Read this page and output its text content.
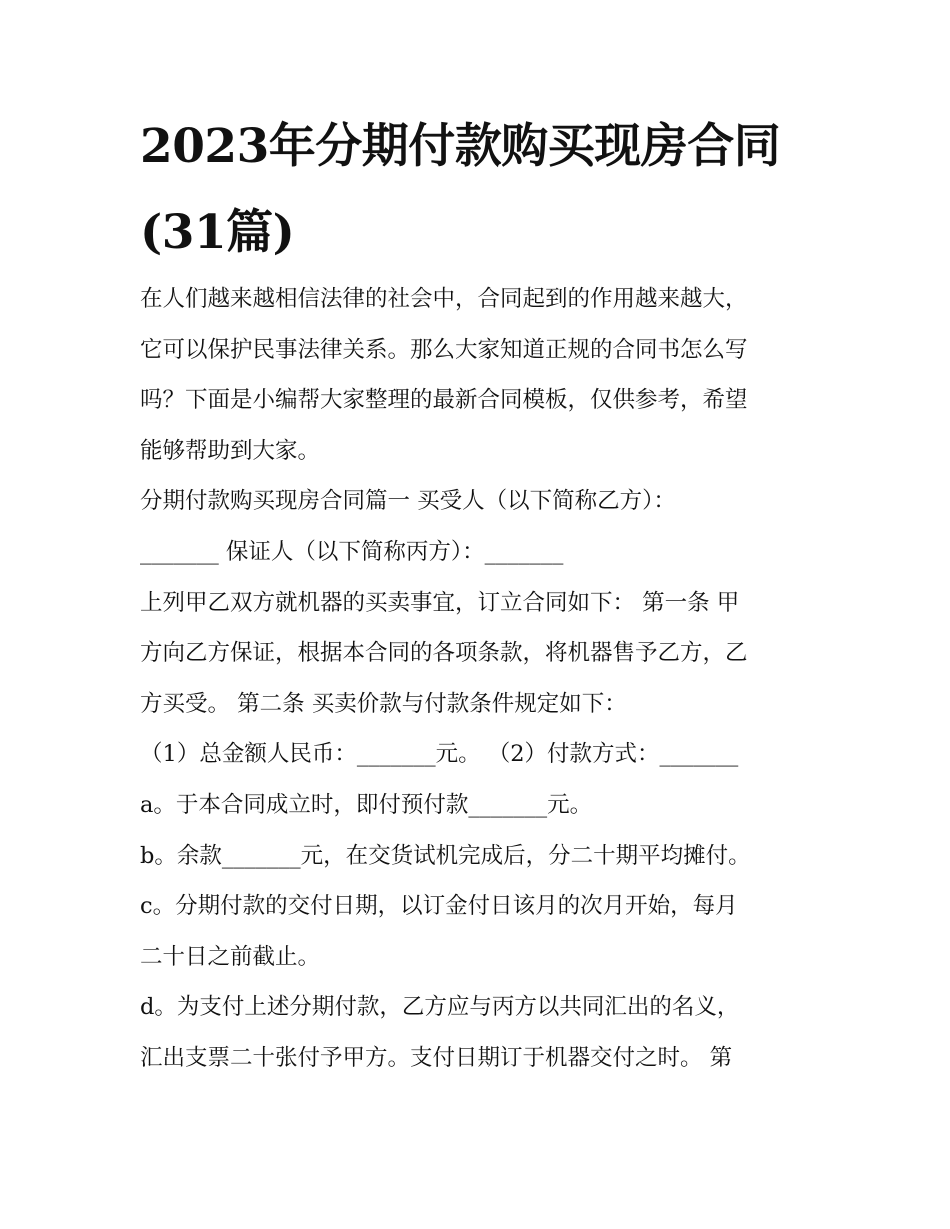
2023年分期付款购买现房合同
(31篇)
在人们越来越相信法律的社会中，合同起到的作用越来越大，
它可以保护民事法律关系。那么大家知道正规的合同书怎么写
吗？下面是小编帮大家整理的最新合同模板，仅供参考，希望
能够帮助到大家。
分期付款购买现房合同篇一 买受人（以下简称乙方）：
_______ 保证人（以下简称丙方）：_______
上列甲乙双方就机器的买卖事宜，订立合同如下： 第一条 甲
方向乙方保证，根据本合同的各项条款，将机器售予乙方，乙
方买受。 第二条 买卖价款与付款条件规定如下：
（1）总金额人民币：_______元。 （2）付款方式：_______
a。于本合同成立时，即付预付款_______元。
b。余款_______元，在交货试机完成后，分二十期平均摊付。
c。分期付款的交付日期，以订金付日该月的次月开始，每月
二十日之前截止。
d。为支付上述分期付款，乙方应与丙方以共同汇出的名义，
汇出支票二十张付予甲方。支付日期订于机器交付之时。 第
